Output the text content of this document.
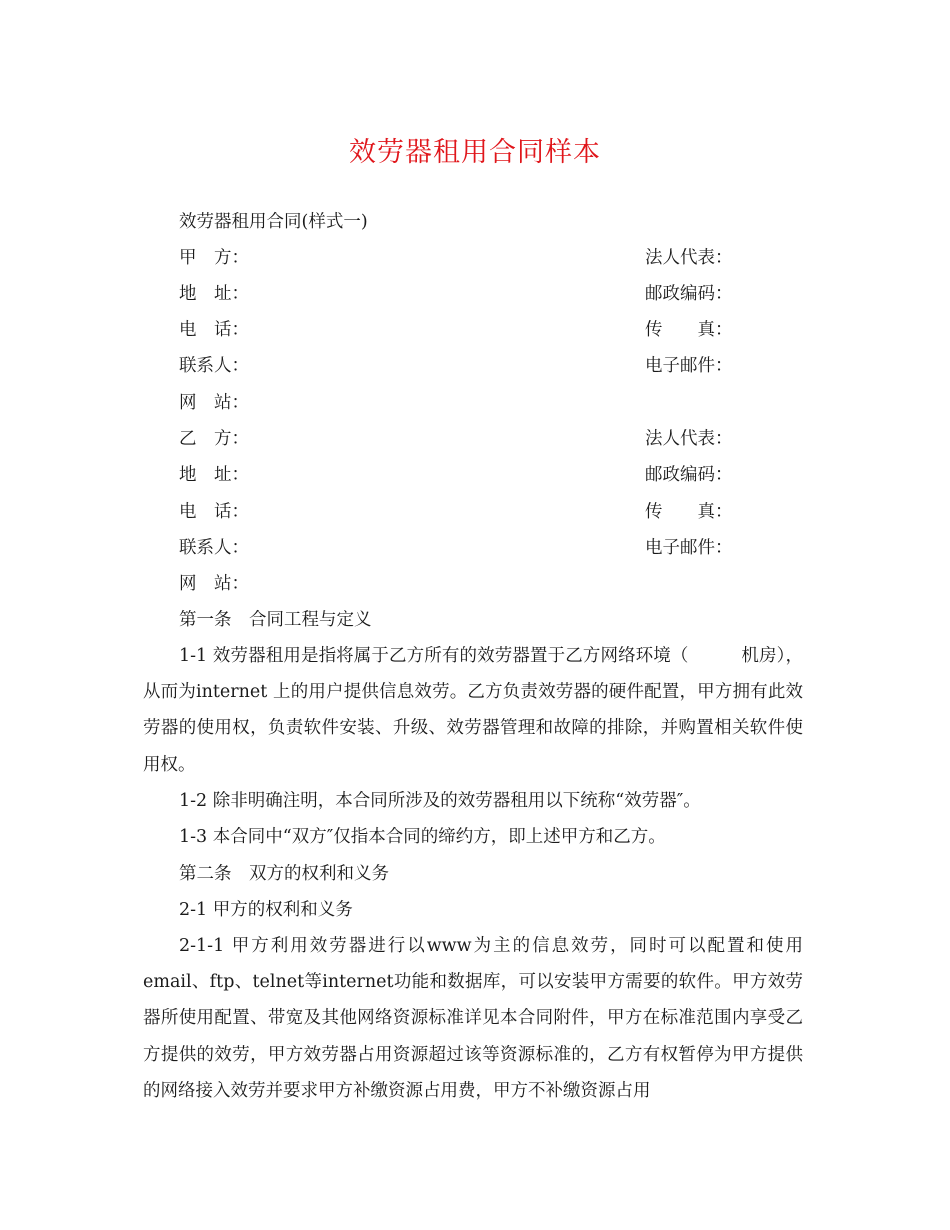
效劳器租用合同样本
效劳器租用合同(样式一)
甲　方：	法人代表：
地　址：	邮政编码：
电　话：	传　　真：
联系人：	电子邮件：
网　站：
乙　方：	法人代表：
地　址：	邮政编码：
电　话：	传　　真：
联系人：	电子邮件：
网　站：
第一条　合同工程与定义

1-1 效劳器租用是指将属于乙方所有的效劳器置于乙方网络环境（　　　机房），从而为internet 上的用户提供信息效劳。乙方负责效劳器的硬件配置，甲方拥有此效劳器的使用权，负责软件安装、升级、效劳器管理和故障的排除，并购置相关软件使用权。

1-2 除非明确注明，本合同所涉及的效劳器租用以下统称“效劳器″。

1-3 本合同中“双方″仅指本合同的缔约方，即上述甲方和乙方。

第二条　双方的权利和义务

2-1 甲方的权利和义务

2-1-1 甲方利用效劳器进行以www为主的信息效劳，同时可以配置和使用email、ftp、telnet等internet功能和数据库，可以安装甲方需要的软件。甲方效劳器所使用配置、带宽及其他网络资源标准详见本合同附件，甲方在标准范围内享受乙方提供的效劳，甲方效劳器占用资源超过该等资源标准的，乙方有权暂停为甲方提供的网络接入效劳并要求甲方补缴资源占用费，甲方不补缴资源占用
